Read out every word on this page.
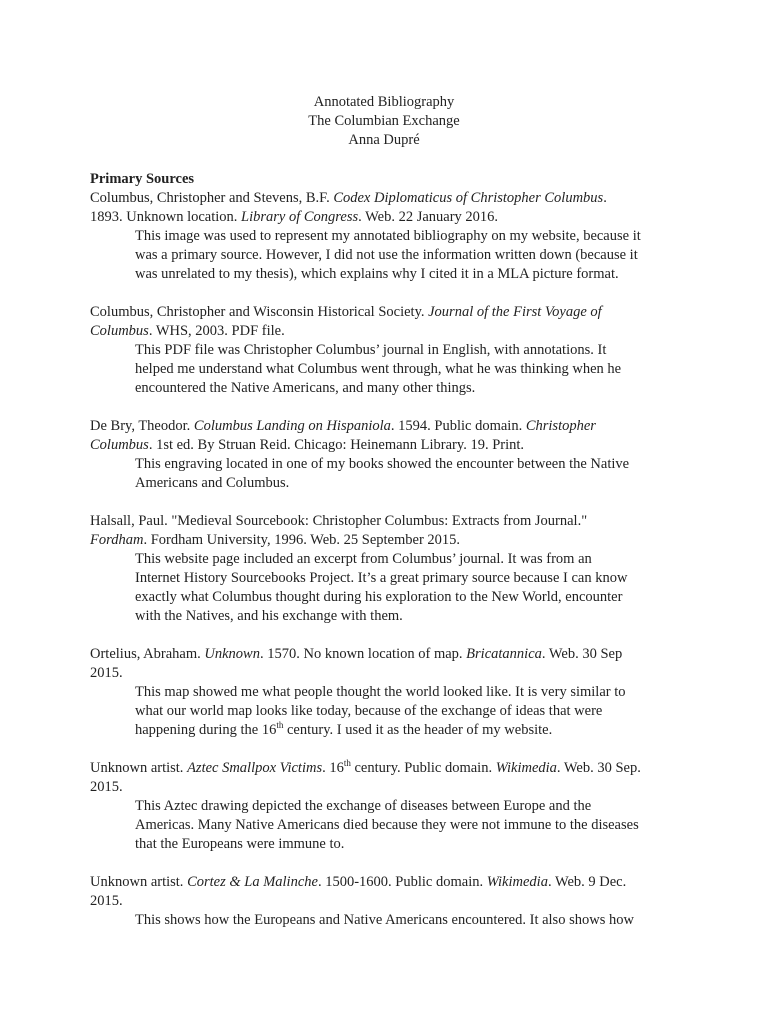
Annotated Bibliography
The Columbian Exchange
Anna Dupré
Primary Sources
Columbus, Christopher and Stevens, B.F. Codex Diplomaticus of Christopher Columbus.
1893. Unknown location. Library of Congress. Web. 22 January 2016.
This image was used to represent my annotated bibliography on my website, because it
was a primary source. However, I did not use the information written down (because it
was unrelated to my thesis), which explains why I cited it in a MLA picture format.
Columbus, Christopher and Wisconsin Historical Society. Journal of the First Voyage of
Columbus. WHS, 2003. PDF file.
This PDF file was Christopher Columbus’ journal in English, with annotations. It
helped me understand what Columbus went through, what he was thinking when he
encountered the Native Americans, and many other things.
De Bry, Theodor. Columbus Landing on Hispaniola. 1594. Public domain. Christopher
Columbus. 1st ed. By Struan Reid. Chicago: Heinemann Library. 19. Print.
This engraving located in one of my books showed the encounter between the Native
Americans and Columbus.
Halsall, Paul. "Medieval Sourcebook: Christopher Columbus: Extracts from Journal."
Fordham. Fordham University, 1996. Web. 25 September 2015.
This website page included an excerpt from Columbus’ journal. It was from an
Internet History Sourcebooks Project. It’s a great primary source because I can know
exactly what Columbus thought during his exploration to the New World, encounter
with the Natives, and his exchange with them.
Ortelius, Abraham. Unknown. 1570. No known location of map. Bricatannica. Web. 30 Sep
2015.
This map showed me what people thought the world looked like. It is very similar to
what our world map looks like today, because of the exchange of ideas that were
happening during the 16th century. I used it as the header of my website.
Unknown artist. Aztec Smallpox Victims. 16th century. Public domain. Wikimedia. Web. 30 Sep.
2015.
This Aztec drawing depicted the exchange of diseases between Europe and the
Americas. Many Native Americans died because they were not immune to the diseases
that the Europeans were immune to.
Unknown artist. Cortez & La Malinche. 1500-1600. Public domain. Wikimedia. Web. 9 Dec.
2015.
This shows how the Europeans and Native Americans encountered. It also shows how
